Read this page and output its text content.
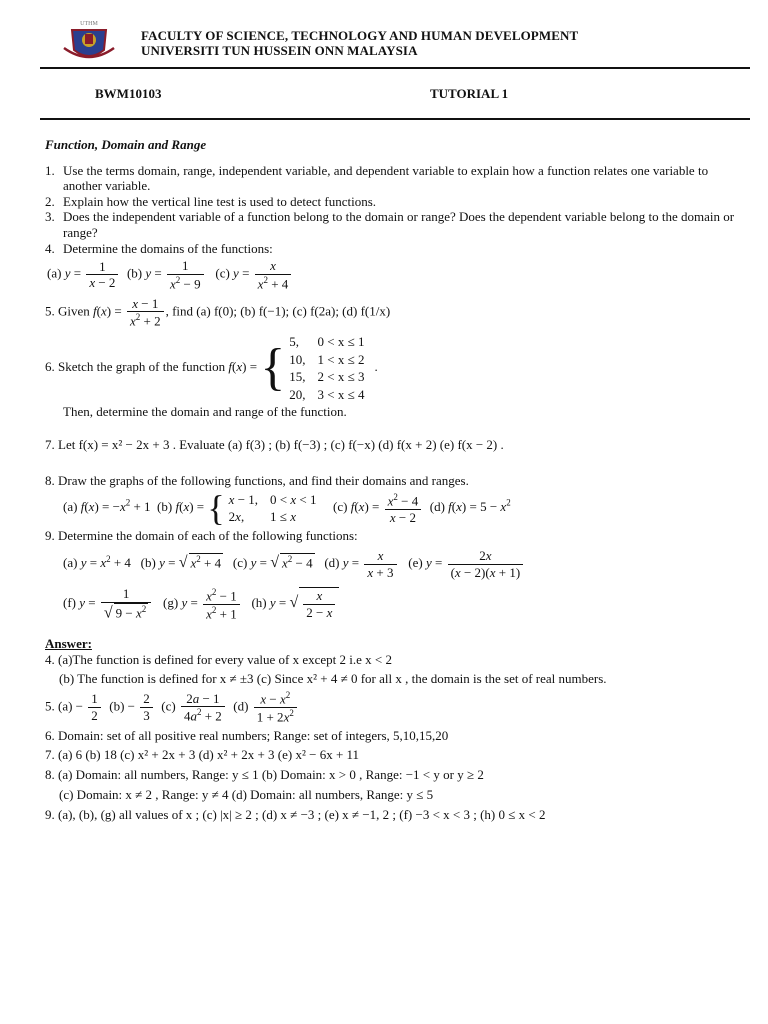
UTHM
FACULTY OF SCIENCE, TECHNOLOGY AND HUMAN DEVELOPMENT
UNIVERSITI TUN HUSSEIN ONN MALAYSIA
BWM10103	TUTORIAL 1
Function, Domain and Range
1. Use the terms domain, range, independent variable, and dependent variable to explain how a function relates one variable to another variable.
2. Explain how the vertical line test is used to detect functions.
3. Does the independent variable of a function belong to the domain or range? Does the dependent variable belong to the domain or range?
4. Determine the domains of the functions:
(a) $y = \frac{1}{x - 2} (b) y = \frac{1}{x^2 - 9} (c) y = \frac{x}{x^2 + 4}$
5. Given $f(x) = \frac{x - 1}{x^2 + 2}$ , find (a) f(0); (b) f(−1); (c) f(2a); (d) f(1/x)
6. Sketch the graph of the function f(x) = { 5,	0 < x ≤ 1
10,	1 < x ≤ 2
15,	2 < x ≤ 3
20,	3 < x ≤ 4
.
Then, determine the domain and range of the function.
7. Let f(x) = x² − 2x + 3 . Evaluate (a) f(3) ; (b) f(−3) ; (c) f(−x) (d) f(x + 2) (e) f(x − 2) .
8. Draw the graphs of the following functions, and find their domains and ranges.
(a) $f(x) = -x^2 + 1$  (b) f(x) = { x − 1,	0 < x < 1
2x,	1 ≤ x
(c) $f(x) = \frac{x^2 - 4}{x - 2} (d) f(x) = 5 - x^2$
9. Determine the domain of each of the following functions:
(a) $y = x^2 + 4$   (b) y = √ $x^2 + 4$   (c) y = √ $x^2 - 4$   (d) $y = \frac{x}{x + 3} (e) y = \frac{2x}{(x - 2)(x + 1)}$
(f) $y = \frac{1}{√ 9 - x^2} (g) y = \frac{x^2 - 1}{x^2 + 1} (h) y$ = √ $\frac{x}{2 - x}$
Answer:
4. (a)The function is defined for every value of x except 2 i.e x < 2
(b) The function is defined for x ≠ ±3 (c) Since x² + 4 ≠ 0 for all x , the domain is the set of real numbers.
5. $(a) - \frac{1}{2} (b) - \frac{2}{3} (c) \frac{2a - 1}{4a^2 + 2} (d) \frac{x - x^2}{1 + 2x^2}$
6. Domain: set of all positive real numbers; Range: set of integers, 5,10,15,20
7. (a) 6 (b) 18 (c) x² + 2x + 3 (d) x² + 2x + 3 (e) x² − 6x + 11
8. (a) Domain: all numbers, Range: y ≤ 1 (b) Domain: x > 0 , Range: −1 < y or y ≥ 2
(c) Domain: x ≠ 2 , Range: y ≠ 4 (d) Domain: all numbers, Range: y ≤ 5
9. (a), (b), (g) all values of x ; (c) |x| ≥ 2 ; (d) x ≠ −3 ; (e) x ≠ −1, 2 ; (f) −3 < x < 3 ; (h) 0 ≤ x < 2
